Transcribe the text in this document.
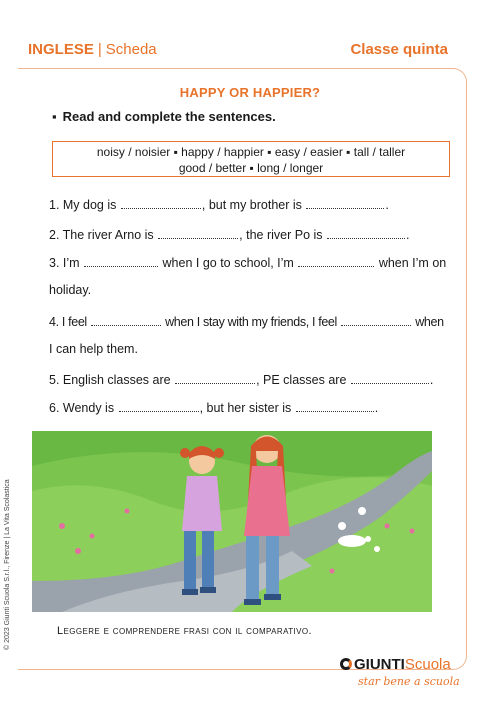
INGLESE | Scheda	Classe quinta
HAPPY OR HAPPIER?
▪ Read and complete the sentences.
noisy / noisier ▪ happy / happier ▪ easy / easier ▪ tall / taller
good / better ▪ long / longer
1. My dog is	, but my brother is	.
2. The river Arno is	, the river Po is	.
3. I’m	when I go to school, I’m	when I’m on
holiday.
4. I feel	when I stay with my friends, I feel	when
I can help them.
5. English classes are	, PE classes are	.
6. Wendy is	, but her sister is	.
Leggere e comprendere frasi con il comparativo.
© 2023 Giunti Scuola S.r.l., Firenze | La Vita Scolastica
GIUNTIScuola
star bene a scuola
